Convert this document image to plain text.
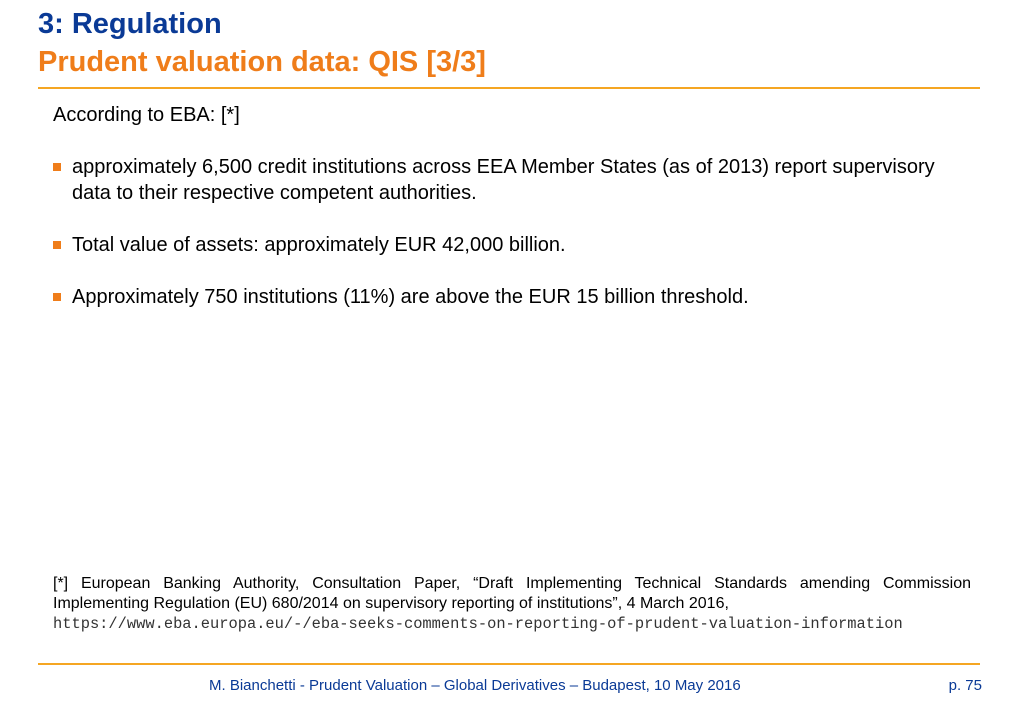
3: Regulation
Prudent valuation data: QIS [3/3]

According to EBA: [*]

approximately 6,500 credit institutions across EEA Member States (as of 2013) report supervisory data to their respective competent authorities.
Total value of assets: approximately EUR 42,000 billion.
Approximately 750 institutions (11%) are above the EUR 15 billion threshold.

[*] European Banking Authority, Consultation Paper, “Draft Implementing Technical Standards amending Commission Implementing Regulation (EU) 680/2014 on supervisory reporting of institutions”, 4 March 2016,
https://www.eba.europa.eu/-/eba-seeks-comments-on-reporting-of-prudent-valuation-information

M. Bianchetti - Prudent Valuation – Global Derivatives – Budapest, 10 May 2016	p. 75
